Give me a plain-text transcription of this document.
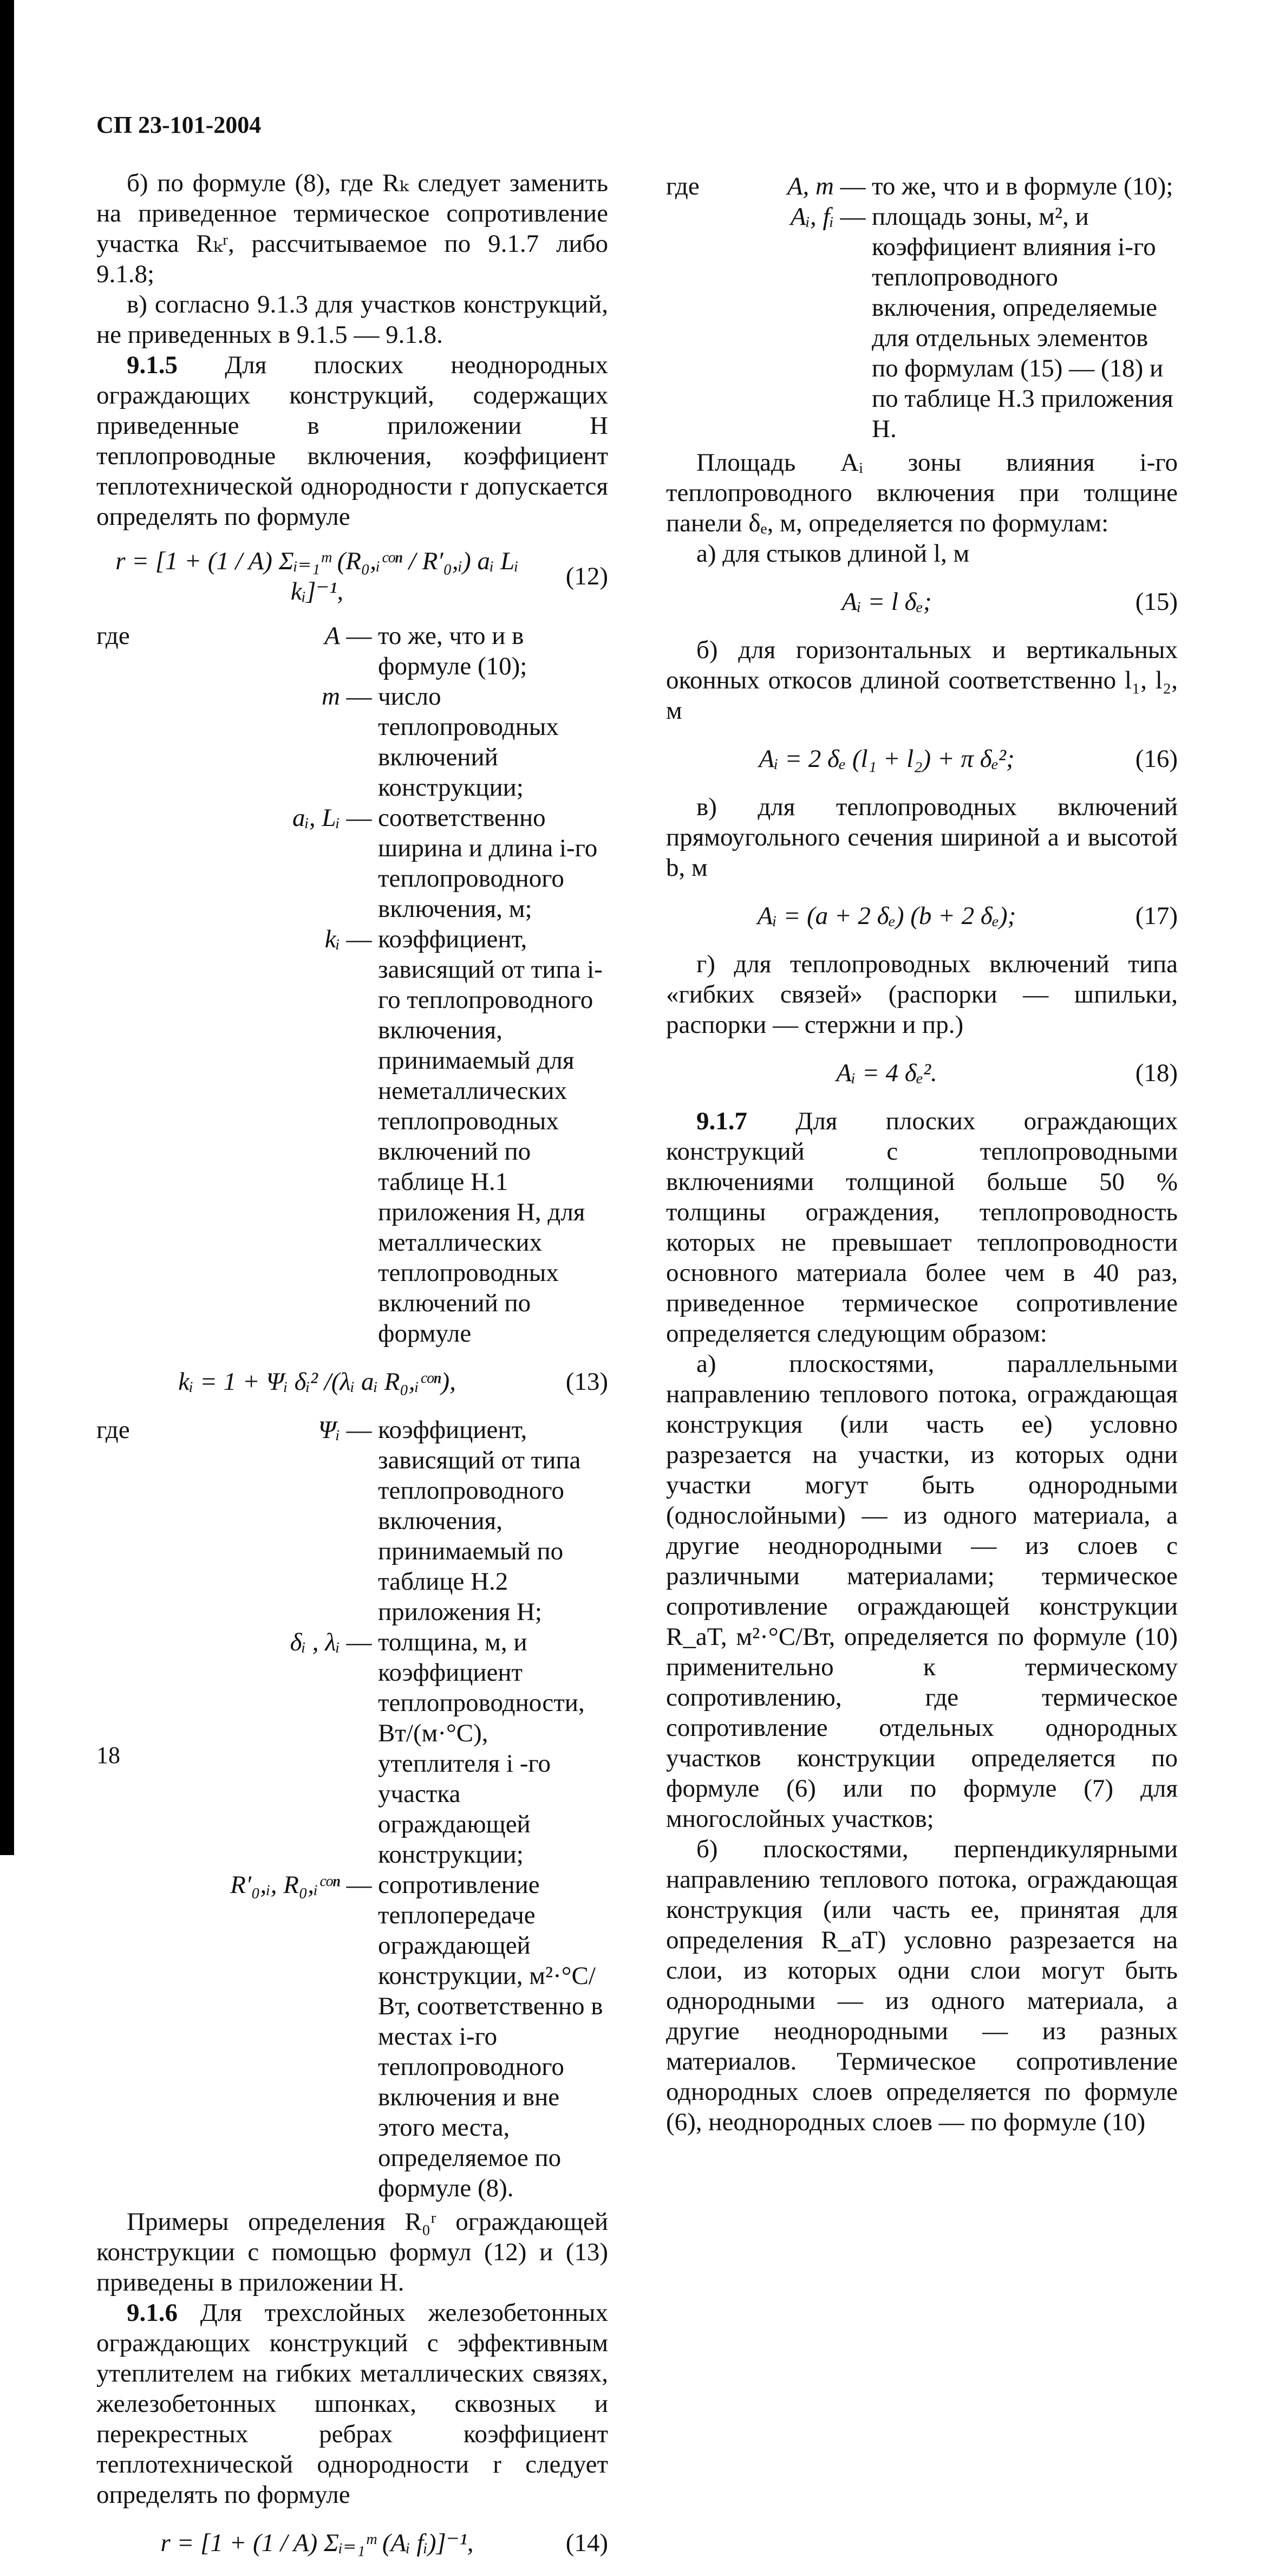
СП 23-101-2004

б) по формуле (8), где Rₖ следует заменить на приведенное термическое сопротивление участка Rₖʳ, рассчитываемое по 9.1.7 либо 9.1.8;

в) согласно 9.1.3 для участков конструкций, не приведенных в 9.1.5 — 9.1.8.

9.1.5 Для плоских неоднородных ограждающих конструкций, содержащих приведенные в приложении Н теплопроводные включения, коэффициент теплотехнической однородности r допускается определять по формуле

r = [1 + (1 / A) Σᵢ₌₁ᵐ (R₀,ᵢᶜᵒⁿ / R′₀,ᵢ) aᵢ Lᵢ kᵢ]⁻¹,
(12)
где	A — то же, что и в формуле (10);
m — число теплопроводных включений конструкции;
aᵢ, Lᵢ — соответственно ширина и длина i-го теплопроводного включения, м;
kᵢ — коэффициент, зависящий от типа i-го теплопроводного включения, принимаемый для неметаллических теплопроводных включений по таблице Н.1 приложения Н, для металлических теплопроводных включений по формуле
kᵢ = 1 + Ψᵢ δᵢ² /(λᵢ aᵢ R₀,ᵢᶜᵒⁿ),	(13)
где	Ψᵢ — коэффициент, зависящий от типа теплопроводного включения, принимаемый по таблице Н.2 приложения Н;
δᵢ , λᵢ — толщина, м, и коэффициент теплопроводности, Вт/(м·°С), утеплителя i -го участка ограждающей конструкции;
R′₀,ᵢ, R₀,ᵢᶜᵒⁿ — сопротивление теплопередаче ограждающей конструкции, м²·°С/Вт, соответственно в местах i-го теплопроводного включения и вне этого места, определяемое по формуле (8).

Примеры определения R₀ʳ ограждающей конструкции с помощью формул (12) и (13) приведены в приложении Н.

9.1.6 Для трехслойных железобетонных ограждающих конструкций с эффективным утеплителем на гибких металлических связях, железобетонных шпонках, сквозных и перекрестных ребрах коэффициент теплотехнической однородности r следует определять по формуле

r = [1 + (1 / A) Σᵢ₌₁ᵐ (Aᵢ fᵢ)]⁻¹,	(14)
где	A, m — то же, что и в формуле (10);
Aᵢ, fᵢ — площадь зоны, м², и коэффициент влияния i-го теплопроводного включения, определяемые для отдельных элементов по формулам (15) — (18) и по таблице Н.3 приложения Н.

Площадь Aᵢ зоны влияния i-го теплопроводного включения при толщине панели δₑ, м, определяется по формулам:

а) для стыков длиной l, м

Aᵢ = l δₑ;	(15)

б) для горизонтальных и вертикальных оконных откосов длиной соответственно l₁, l₂, м

Aᵢ = 2 δₑ (l₁ + l₂) + π δₑ²;	(16)

в) для теплопроводных включений прямоугольного сечения шириной a и высотой b, м

Aᵢ = (a + 2 δₑ) (b + 2 δₑ);	(17)

г) для теплопроводных включений типа «гибких связей» (распорки — шпильки, распорки — стержни и пр.)

Aᵢ = 4 δₑ².	(18)

9.1.7 Для плоских ограждающих конструкций с теплопроводными включениями толщиной больше 50 % толщины ограждения, теплопроводность которых не превышает теплопроводности основного материала более чем в 40 раз, приведенное термическое сопротивление определяется следующим образом:

а) плоскостями, параллельными направлению теплового потока, ограждающая конструкция (или часть ее) условно разрезается на участки, из которых одни участки могут быть однородными (однослойными) — из одного материала, а другие неоднородными — из слоев с различными материалами; термическое сопротивление ограждающей конструкции R_aT, м²·°С/Вт, определяется по формуле (10) применительно к термическому сопротивлению, где термическое сопротивление отдельных однородных участков конструкции определяется по формуле (6) или по формуле (7) для многослойных участков;

б) плоскостями, перпендикулярными направлению теплового потока, ограждающая конструкция (или часть ее, принятая для определения R_aT) условно разрезается на слои, из которых одни слои могут быть однородными — из одного материала, а другие неоднородными — из разных материалов. Термическое сопротивление однородных слоев определяется по формуле (6), неоднородных слоев — по формуле (10)

18
